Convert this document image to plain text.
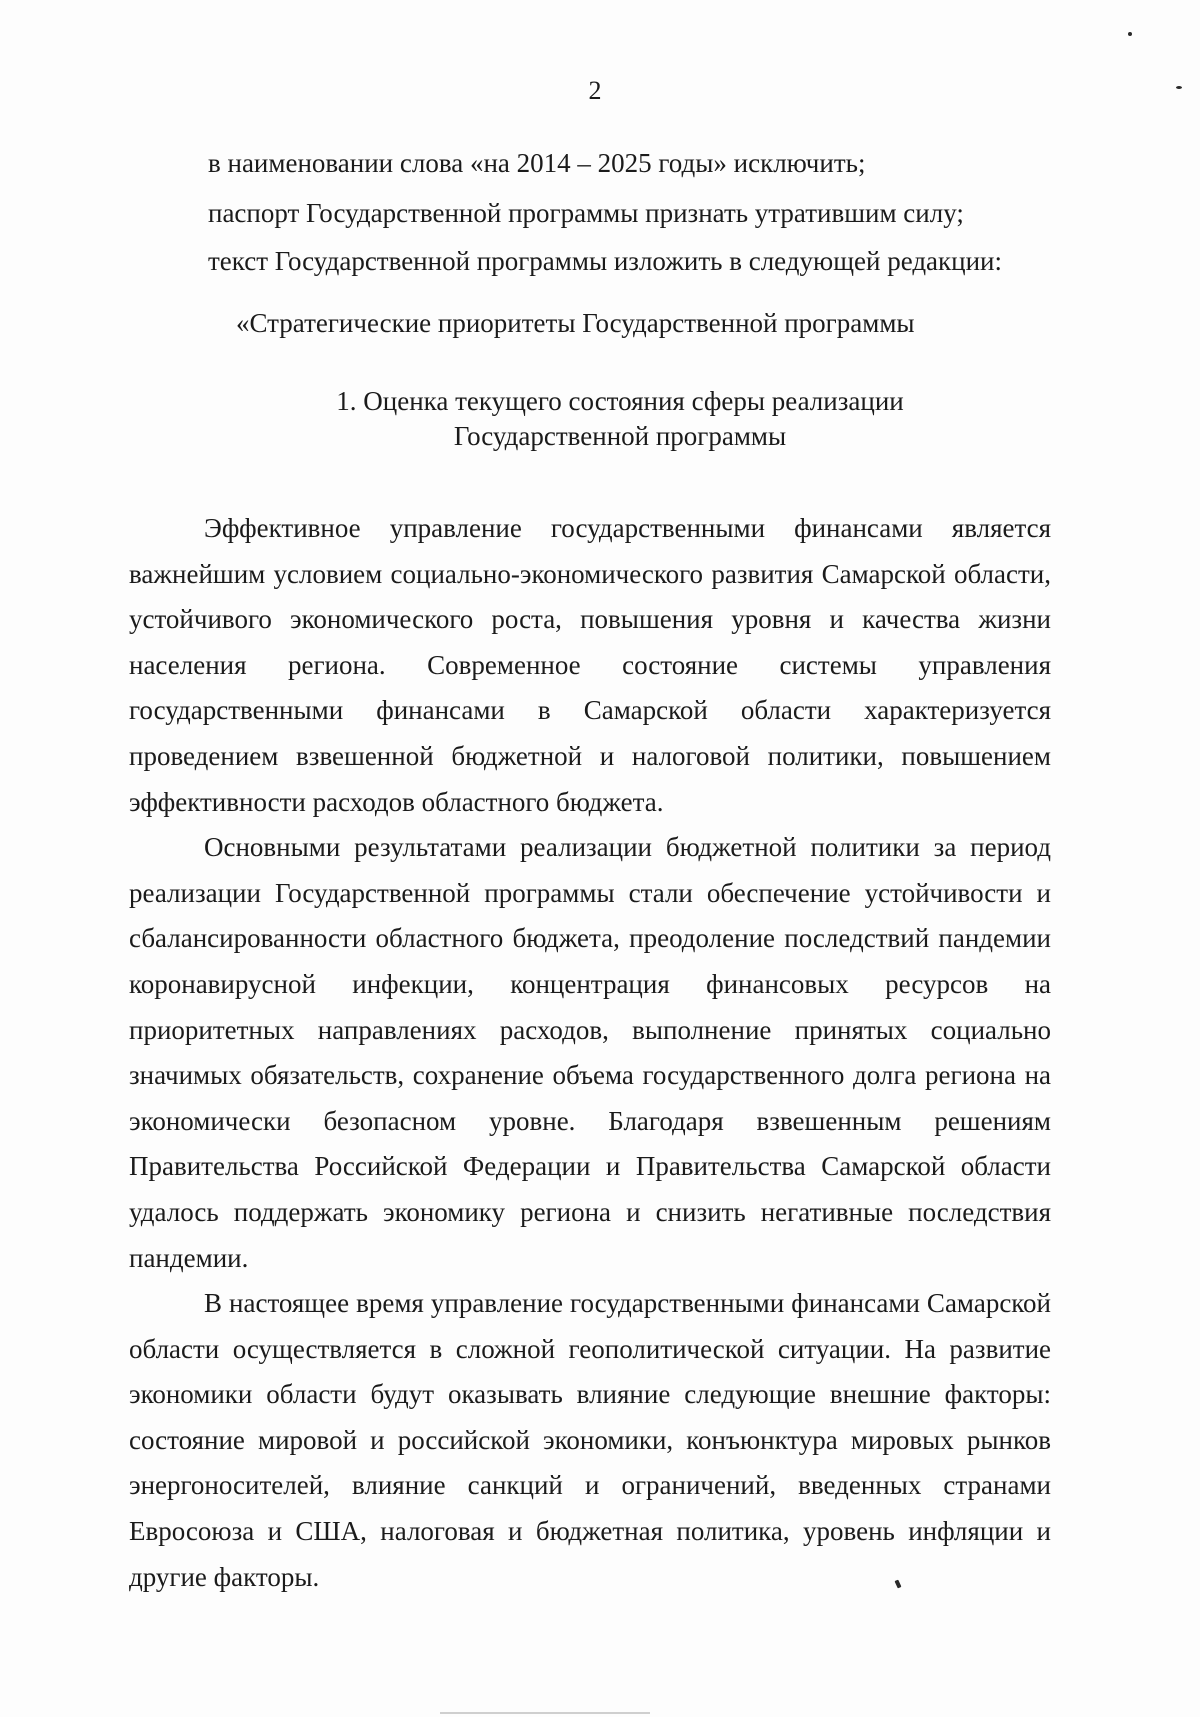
2
в наименовании слова «на 2014 – 2025 годы» исключить;
паспорт Государственной программы признать утратившим силу;
текст Государственной программы изложить в следующей редакции:
«Стратегические приоритеты Государственной программы
1. Оценка текущего состояния сферы реализации
Государственной программы

Эффективное управление государственными финансами является важнейшим условием социально-экономического развития Самарской области, устойчивого экономического роста, повышения уровня и качества жизни населения региона. Современное состояние системы управления государственными финансами в Самарской области характеризуется проведением взвешенной бюджетной и налоговой политики, повышением эффективности расходов областного бюджета.

Основными результатами реализации бюджетной политики за период реализации Государственной программы стали обеспечение устойчивости и сбалансированности областного бюджета, преодоление последствий пандемии коронавирусной инфекции, концентрация финансовых ресурсов на приоритетных направлениях расходов, выполнение принятых социально значимых обязательств, сохранение объема государственного долга региона на экономически безопасном уровне. Благодаря взвешенным решениям Правительства Российской Федерации и Правительства Самарской области удалось поддержать экономику региона и снизить негативные последствия пандемии.

В настоящее время управление государственными финансами Самарской области осуществляется в сложной геополитической ситуации. На развитие экономики области будут оказывать влияние следующие внешние факторы: состояние мировой и российской экономики, конъюнктура мировых рынков энергоносителей, влияние санкций и ограничений, введенных странами Евросоюза и США, налоговая и бюджетная политика, уровень инфляции и другие факторы.
